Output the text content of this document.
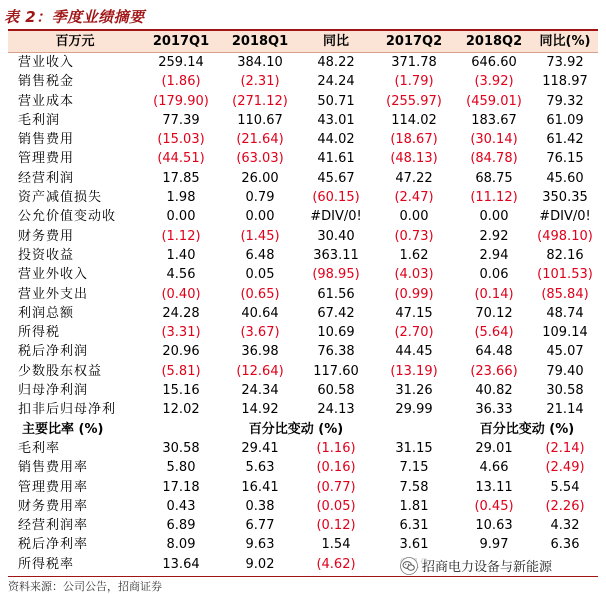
表 2：季度业绩摘要
百万元	2017Q1	2018Q1	同比	2017Q2	2018Q2	同比(%)
营业收入	259.14	384.10	48.22	371.78	646.60	73.92
销售税金	(1.86)	(2.31)	24.24	(1.79)	(3.92)	118.97
营业成本	(179.90)	(271.12)	50.71	(255.97)	(459.01)	79.32
毛利润	77.39	110.67	43.01	114.02	183.67	61.09
销售费用	(15.03)	(21.64)	44.02	(18.67)	(30.14)	61.42
管理费用	(44.51)	(63.03)	41.61	(48.13)	(84.78)	76.15
经营利润	17.85	26.00	45.67	47.22	68.75	45.60
资产减值损失	1.98	0.79	(60.15)	(2.47)	(11.12)	350.35
公允价值变动收	0.00	0.00	#DIV/0!	0.00	0.00	#DIV/0!
财务费用	(1.12)	(1.45)	30.40	(0.73)	2.92	(498.10)
投资收益	1.40	6.48	363.11	1.62	2.94	82.16
营业外收入	4.56	0.05	(98.95)	(4.03)	0.06	(101.53)
营业外支出	(0.40)	(0.65)	61.56	(0.99)	(0.14)	(85.84)
利润总额	24.28	40.64	67.42	47.15	70.12	48.74
所得税	(3.31)	(3.67)	10.69	(2.70)	(5.64)	109.14
税后净利润	20.96	36.98	76.38	44.45	64.48	45.07
少数股东权益	(5.81)	(12.64)	117.60	(13.19)	(23.66)	79.40
归母净利润	15.16	24.34	60.58	31.26	40.82	30.58
扣非后归母净利	12.02	14.92	24.13	29.99	36.33	21.14
主要比率 (%)		百分比变动 (%)			百分比变动 (%)	
毛利率	30.58	29.41	(1.16)	31.15	29.01	(2.14)
销售费用率	5.80	5.63	(0.16)	7.15	4.66	(2.49)
管理费用率	17.18	16.41	(0.77)	7.58	13.11	5.54
财务费用率	0.43	0.38	(0.05)	1.81	(0.45)	(2.26)
经营利润率	6.89	6.77	(0.12)	6.31	10.63	4.32
税后净利率	8.09	9.63	1.54	3.61	9.97	6.36
所得税率	13.64	9.02	(4.62)			
资料来源：公司公告，招商证券
招商电力设备与新能源
